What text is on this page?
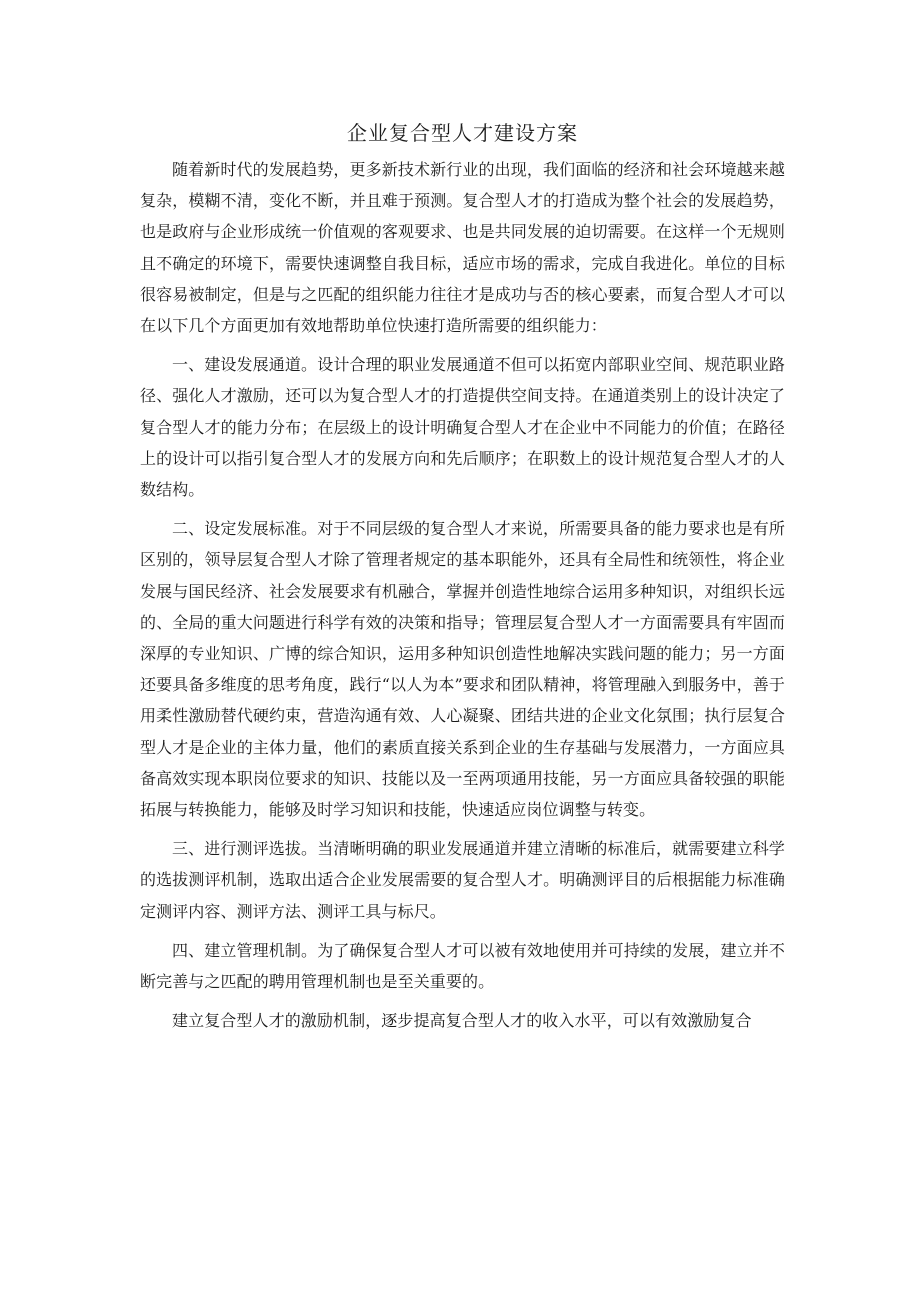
企业复合型人才建设方案

随着新时代的发展趋势，更多新技术新行业的出现，我们面临的经济和社会环境越来越复杂，模糊不清，变化不断，并且难于预测。复合型人才的打造成为整个社会的发展趋势，也是政府与企业形成统一价值观的客观要求、也是共同发展的迫切需要。在这样一个无规则且不确定的环境下，需要快速调整自我目标，适应市场的需求，完成自我进化。单位的目标很容易被制定，但是与之匹配的组织能力往往才是成功与否的核心要素，而复合型人才可以在以下几个方面更加有效地帮助单位快速打造所需要的组织能力：

一、建设发展通道。设计合理的职业发展通道不但可以拓宽内部职业空间、规范职业路径、强化人才激励，还可以为复合型人才的打造提供空间支持。在通道类别上的设计决定了复合型人才的能力分布；在层级上的设计明确复合型人才在企业中不同能力的价值；在路径上的设计可以指引复合型人才的发展方向和先后顺序；在职数上的设计规范复合型人才的人数结构。

二、设定发展标准。对于不同层级的复合型人才来说，所需要具备的能力要求也是有所区别的，领导层复合型人才除了管理者规定的基本职能外，还具有全局性和统领性，将企业发展与国民经济、社会发展要求有机融合，掌握并创造性地综合运用多种知识，对组织长远的、全局的重大问题进行科学有效的决策和指导；管理层复合型人才一方面需要具有牢固而深厚的专业知识、广博的综合知识，运用多种知识创造性地解决实践问题的能力；另一方面还要具备多维度的思考角度，践行“以人为本”要求和团队精神，将管理融入到服务中，善于用柔性激励替代硬约束，营造沟通有效、人心凝聚、团结共进的企业文化氛围；执行层复合型人才是企业的主体力量，他们的素质直接关系到企业的生存基础与发展潜力，一方面应具备高效实现本职岗位要求的知识、技能以及一至两项通用技能，另一方面应具备较强的职能拓展与转换能力，能够及时学习知识和技能，快速适应岗位调整与转变。

三、进行测评选拔。当清晰明确的职业发展通道并建立清晰的标准后，就需要建立科学的选拔测评机制，选取出适合企业发展需要的复合型人才。明确测评目的后根据能力标准确定测评内容、测评方法、测评工具与标尺。

四、建立管理机制。为了确保复合型人才可以被有效地使用并可持续的发展，建立并不断完善与之匹配的聘用管理机制也是至关重要的。

建立复合型人才的激励机制，逐步提高复合型人才的收入水平，可以有效激励复合
